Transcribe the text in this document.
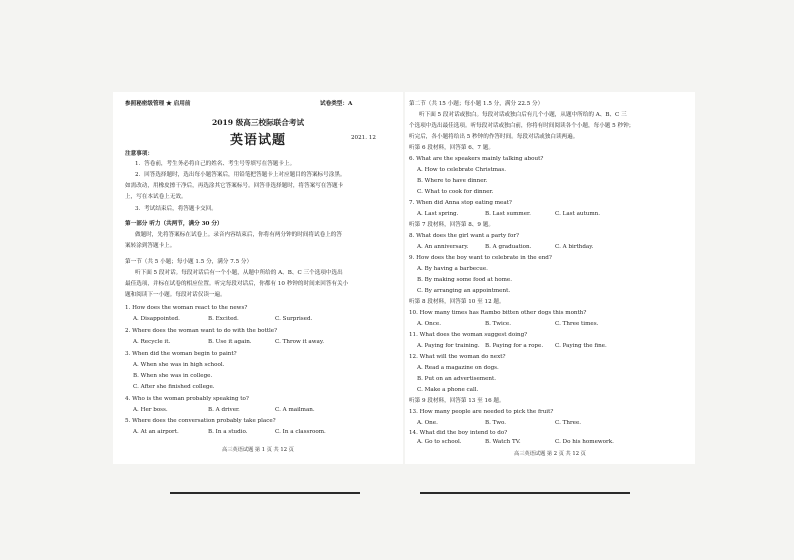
参照秘密级管理 ★ 启用前	试卷类型：A
2019 级高三校际联合考试
英语试题	2021. 12
注意事项：
1．答卷前，考生务必将自己的姓名、考生号等填写在答题卡上。
2．回答选择题时，选出每小题答案后，用铅笔把答题卡上对应题目的答案标号涂黑。
如需改动，用橡皮擦干净后，再选涂其它答案标号。回答非选择题时，将答案写在答题卡
上，写在本试卷上无效。
3．考试结束后，将答题卡交回。
第一部分 听力（共两节，满分 30 分）
做题时，先将答案标在试卷上。录音内容结束后，你将有两分钟的时间将试卷上的答
案转涂到答题卡上。
第一节（共 5 小题；每小题 1.5 分，满分 7.5 分）
听下面 5 段对话。每段对话后有一个小题，从题中所给的 A、B、C 三个选项中选出
最佳选项，并标在试卷的相应位置。听完每段对话后，你都有 10 秒钟的时间来回答有关小
题和阅读下一小题。每段对话仅读一遍。
1. How does the woman react to the news?
A. Disappointed.	B. Excited.	C. Surprised.
2. Where does the woman want to do with the bottle?
A. Recycle it.	B. Use it again.	C. Throw it away.
3. When did the woman begin to paint?
A. When she was in high school.
B. When she was in college.
C. After she finished college.
4. Who is the woman probably speaking to?
A. Her boss.	B. A driver.	C. A mailman.
5. Where does the conversation probably take place?
A. At an airport.	B. In a studio.	C. In a classroom.
高三英语试题 第 1 页 共 12 页
第二节（共 15 小题；每小题 1.5 分，满分 22.5 分）
听下面 5 段对话或独白。每段对话或独白后有几个小题，从题中所给的 A、B、C 三
个选项中选出最佳选项。听每段对话或独白前，你将有时间阅读各个小题，每小题 5 秒钟；
听完后，各小题将给出 5 秒钟的作答时间。每段对话或独白读两遍。
听第 6 段材料，回答第 6、7 题。
6. What are the speakers mainly talking about?
A. How to celebrate Christmas.
B. Where to have dinner.
C. What to cook for dinner.
7. When did Anna stop eating meat?
A. Last spring.	B. Last summer.	C. Last autumn.
听第 7 段材料，回答第 8、9 题。
8. What does the girl want a party for?
A. An anniversary.	B. A graduation.	C. A birthday.
9. How does the boy want to celebrate in the end?
A. By having a barbecue.
B. By making some food at home.
C. By arranging an appointment.
听第 8 段材料，回答第 10 至 12 题。
10. How many times has Rambo bitten other dogs this month?
A. Once.	B. Twice.	C. Three times.
11. What does the woman suggest doing?
A. Paying for training. B. Paying for a rope. C. Paying the fine.
12. What will the woman do next?
A. Read a magazine on dogs.
B. Put on an advertisement.
C. Make a phone call.
听第 9 段材料，回答第 13 至 16 题。
13. How many people are needed to pick the fruit?
A. One.	B. Two.	C. Three.
14. What did the boy intend to do?
A. Go to school.	B. Watch TV.	C. Do his homework.
高三英语试题 第 2 页 共 12 页
